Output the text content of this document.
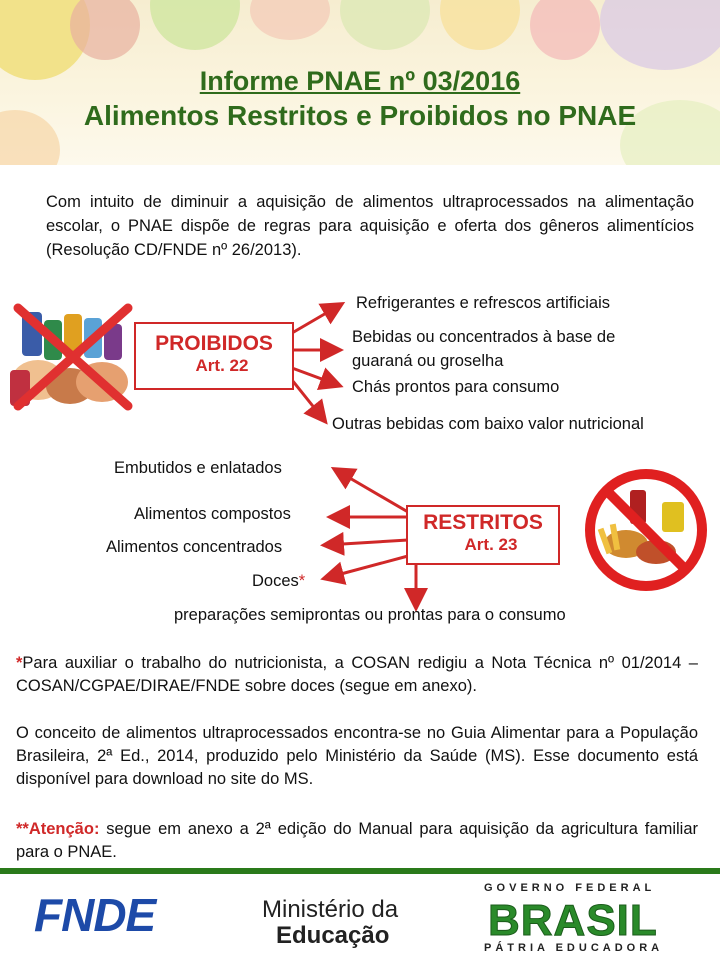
Informe PNAE nº 03/2016
Alimentos Restritos e Proibidos no PNAE
Com intuito de diminuir a aquisição de alimentos ultraprocessados na alimentação escolar, o PNAE dispõe de regras para aquisição e oferta dos gêneros alimentícios (Resolução CD/FNDE nº 26/2013).
PROIBIDOS
Art. 22
Refrigerantes e refrescos artificiais
Bebidas ou concentrados à base de
guaraná ou groselha
Chás prontos para consumo
Outras bebidas com baixo valor nutricional
Embutidos e enlatados
Alimentos compostos
Alimentos concentrados
Doces*
preparações semiprontas ou prontas para o consumo
RESTRITOS
Art. 23
*Para auxiliar o trabalho do nutricionista, a COSAN redigiu a Nota Técnica nº 01/2014 – COSAN/CGPAE/DIRAE/FNDE sobre doces (segue em anexo).
O conceito de alimentos ultraprocessados encontra-se no Guia Alimentar para a População Brasileira, 2ª Ed., 2014, produzido pelo Ministério da Saúde (MS). Esse documento está disponível para download no site do MS.
**Atenção: segue em anexo a 2ª edição do Manual para aquisição da agricultura familiar para o PNAE.
FNDE	Ministério da
Educação
GOVERNO FEDERAL
BRASIL
PÁTRIA EDUCADORA
